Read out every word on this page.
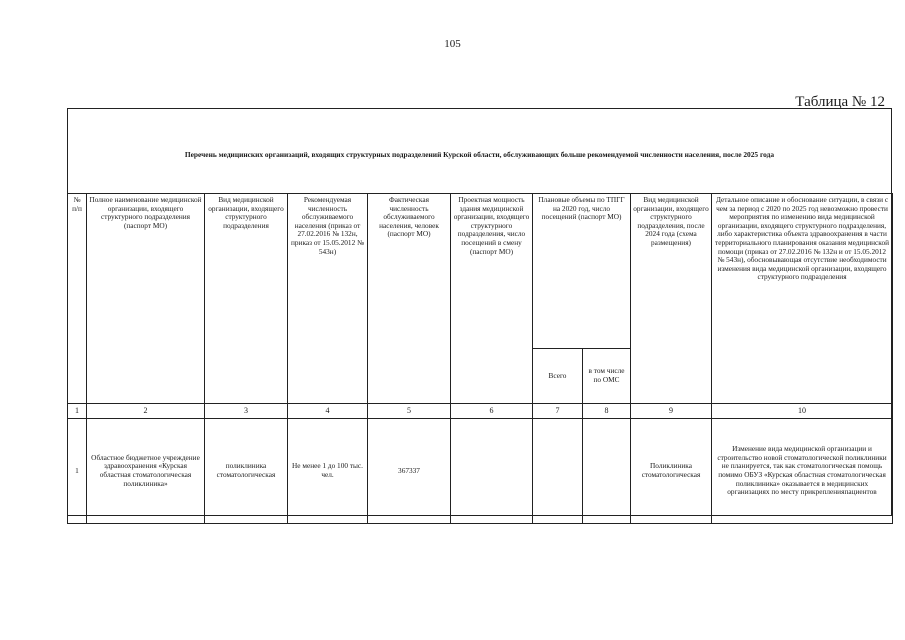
105
Таблица № 12
Перечень медицинских организаций, входящих структурных подразделений Курской области, обслуживающих больше рекомендуемой численности населения, после 2025 года
№ п/п	Полное наименование медицинской организации, входящего структурного подразделения (паспорт МО)	Вид медицинской организации, входящего структурного подразделения	Рекомендуемая численность обслуживаемого населения (приказ от 27.02.2016 № 132н, приказ от 15.05.2012 № 543н)	Фактическая численность обслуживаемого населения, человек (паспорт МО)	Проектная мощность здания медицинской организации, входящего структурного подразделения, число посещений в смену (паспорт МО)	Плановые объемы по ТПГГ на 2020 год, число посещений (паспорт МО)		Вид медицинской организации, входящего структурного подразделения, после 2024 года (схема размещения)	Детальное описание и обоснование ситуации, в связи с чем за период с 2020 по 2025 год невозможно провести мероприятия по изменению вида медицинской организации, входящего структурного подразделения, либо характеристика объекта здравоохранения в части территориального планирования оказания медицинской помощи (приказ от 27.02.2016 № 132н и от 15.05.2012 № 543н), обосновывающая отсутствие необходимости изменения вида медицинской организации, входящего структурного подразделения
						Всего	в том числе по ОМС		
1	2	3	4	5	6	7	8	9	10
1	Областное бюджетное учреждение здравоохранения «Курская областная стоматологическая поликлиника»	поликлиника стоматологическая	Не менее 1 до 100 тыс. чел.	367337				Поликлиника стоматологическая	Изменение вида медицинской организации и строительство новой стоматологической поликлиники не планируется, так как стоматологическая помощь помимо ОБУЗ «Курская областная стоматологическая поликлиника» оказывается в медицинских организациях по месту прикрепленияпациентов
